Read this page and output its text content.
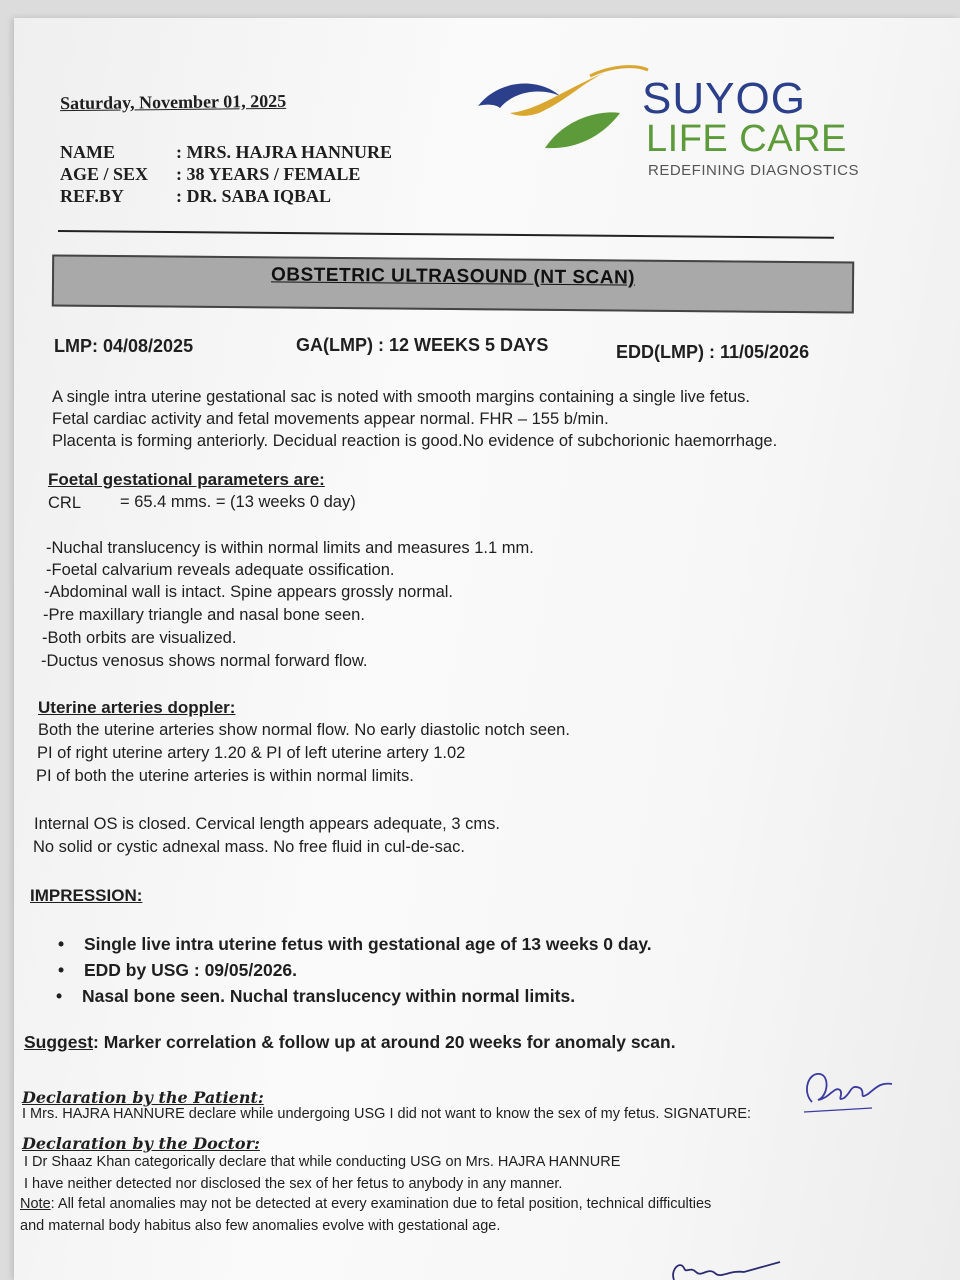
SUYOG
LIFE CARE
REDEFINING DIAGNOSTICS
Saturday, November 01, 2025
NAME	: MRS. HAJRA HANNURE
AGE / SEX : 38 YEARS / FEMALE
REF.BY	: DR. SABA IQBAL
OBSTETRIC ULTRASOUND (NT SCAN)
LMP: 04/08/2025	GA(LMP) : 12 WEEKS 5 DAYS	EDD(LMP) : 11/05/2026
A single intra uterine gestational sac is noted with smooth margins containing a single live fetus.
Fetal cardiac activity and fetal movements appear normal. FHR – 155 b/min.
Placenta is forming anteriorly. Decidual reaction is good.No evidence of subchorionic haemorrhage.
Foetal gestational parameters are:
CRL = 65.4 mms. = (13 weeks 0 day)
-Nuchal translucency is within normal limits and measures 1.1 mm.
-Foetal calvarium reveals adequate ossification.
-Abdominal wall is intact. Spine appears grossly normal.
-Pre maxillary triangle and nasal bone seen.
-Both orbits are visualized.
-Ductus venosus shows normal forward flow.
Uterine arteries doppler:
Both the uterine arteries show normal flow. No early diastolic notch seen.
PI of right uterine artery 1.20 & PI of left uterine artery 1.02
PI of both the uterine arteries is within normal limits.
Internal OS is closed. Cervical length appears adequate, 3 cms.
No solid or cystic adnexal mass. No free fluid in cul-de-sac.
IMPRESSION:
• Single live intra uterine fetus with gestational age of 13 weeks 0 day.
• EDD by USG : 09/05/2026.
• Nasal bone seen. Nuchal translucency within normal limits.
Suggest: Marker correlation & follow up at around 20 weeks for anomaly scan.
Declaration by the Patient:
I Mrs. HAJRA HANNURE declare while undergoing USG I did not want to know the sex of my fetus. SIGNATURE:
Declaration by the Doctor:
I Dr Shaaz Khan categorically declare that while conducting USG on Mrs. HAJRA HANNURE
I have neither detected nor disclosed the sex of her fetus to anybody in any manner.
Note: All fetal anomalies may not be detected at every examination due to fetal position, technical difficulties
and maternal body habitus also few anomalies evolve with gestational age.
